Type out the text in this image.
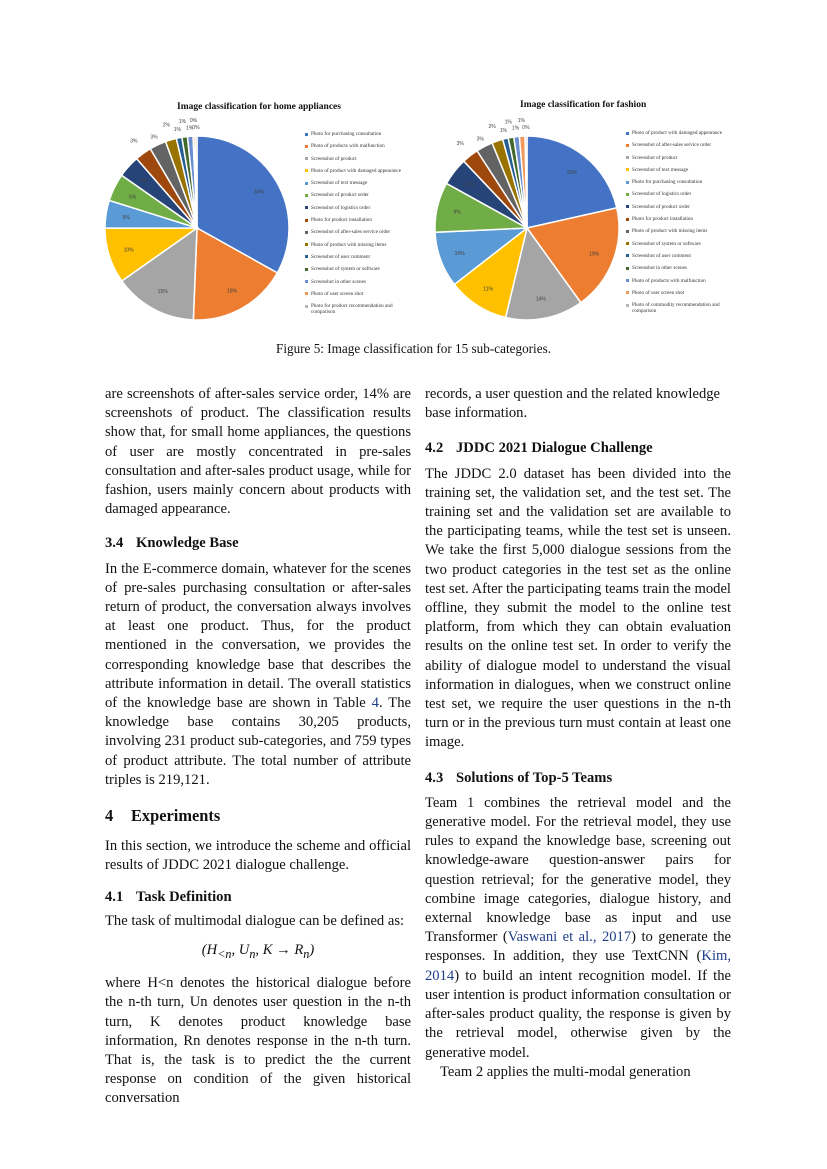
Image classification for home appliances
34%
18%
15%
10%
5%
5%
4%
3%
3%
2%
1%
1%
1%
0%
0%
Photo for purchasing consultation
Photo of products with malfunction
Screenshot of product
Photo of product with damaged appearance
Screenshot of text message
Screenshot of product order
Screenshot of logistics order
Photo for product installation
Screenshot of after-sales service order
Photo of product with missing items
Screenshot of user comment
Screenshot of system or software
Screenshot in other scenes
Photo of user screen shot
Photo for product recommendation and comparison
Image classification for fashion
22%
19%
14%
11%
10%
9%
5%
3%
3%
2%
1%
1%
1%
1%
0%
Photo of product with damaged appearance
Screenshot of after-sales service order
Screenshot of product
Screenshot of text message
Photo for purchasing consultation
Screenshot of logistics order
Screenshot of product order
Photo for product installation
Photo of product with missing items
Screenshot of system or software
Screenshot of user comment
Screenshot in other scenes
Photo of products with malfunction
Photo of user screen shot
Photo of commodity recommendation and comparison
Figure 5: Image classification for 15 sub-categories.

are screenshots of after-sales service order, 14% are screenshots of product. The classification results show that, for small home appliances, the questions of user are mostly concentrated in pre-sales consultation and after-sales product usage, while for fashion, users mainly concern about products with damaged appearance.

3.4 Knowledge Base

In the E-commerce domain, whatever for the scenes of pre-sales purchasing consultation or after-sales return of product, the conversation always involves at least one product. Thus, for the product mentioned in the conversation, we provides the corresponding knowledge base that describes the attribute information in detail. The overall statistics of the knowledge base are shown in Table 4. The knowledge base contains 30,205 products, involving 231 product sub-categories, and 759 types of product attribute. The total number of attribute triples is 219,121.

4 Experiments

In this section, we introduce the scheme and official results of JDDC 2021 dialogue challenge.

4.1 Task Definition

The task of multimodal dialogue can be defined as:

($H_{<n}$, $U_n$, $K \to R_n$)

where H<n denotes the historical dialogue before the n-th turn, Un denotes user question in the n-th turn, K denotes product knowledge base information, Rn denotes response in the n-th turn. That is, the task is to predict the the current response on condition of the given historical conversation

records, a user question and the related knowledge base information.

4.2 JDDC 2021 Dialogue Challenge

The JDDC 2.0 dataset has been divided into the training set, the validation set, and the test set. The training set and the validation set are available to the participating teams, while the test set is unseen. We take the first 5,000 dialogue sessions from the two product categories in the test set as the online test set. After the participating teams train the model offline, they submit the model to the online test platform, from which they can obtain evaluation results on the online test set. In order to verify the ability of dialogue model to understand the visual information in dialogues, when we construct online test set, we require the user questions in the n-th turn or in the previous turn must contain at least one image.

4.3 Solutions of Top-5 Teams

Team 1 combines the retrieval model and the generative model. For the retrieval model, they use rules to expand the knowledge base, screening out knowledge-aware question-answer pairs for question retrieval; for the generative model, they combine image categories, dialogue history, and external knowledge base as input and use Transformer (Vaswani et al., 2017) to generate the responses. In addition, they use TextCNN (Kim, 2014) to build an intent recognition model. If the user intention is product information consultation or after-sales product quality, the response is given by the retrieval model, otherwise given by the generative model.

Team 2 applies the multi-modal generation
